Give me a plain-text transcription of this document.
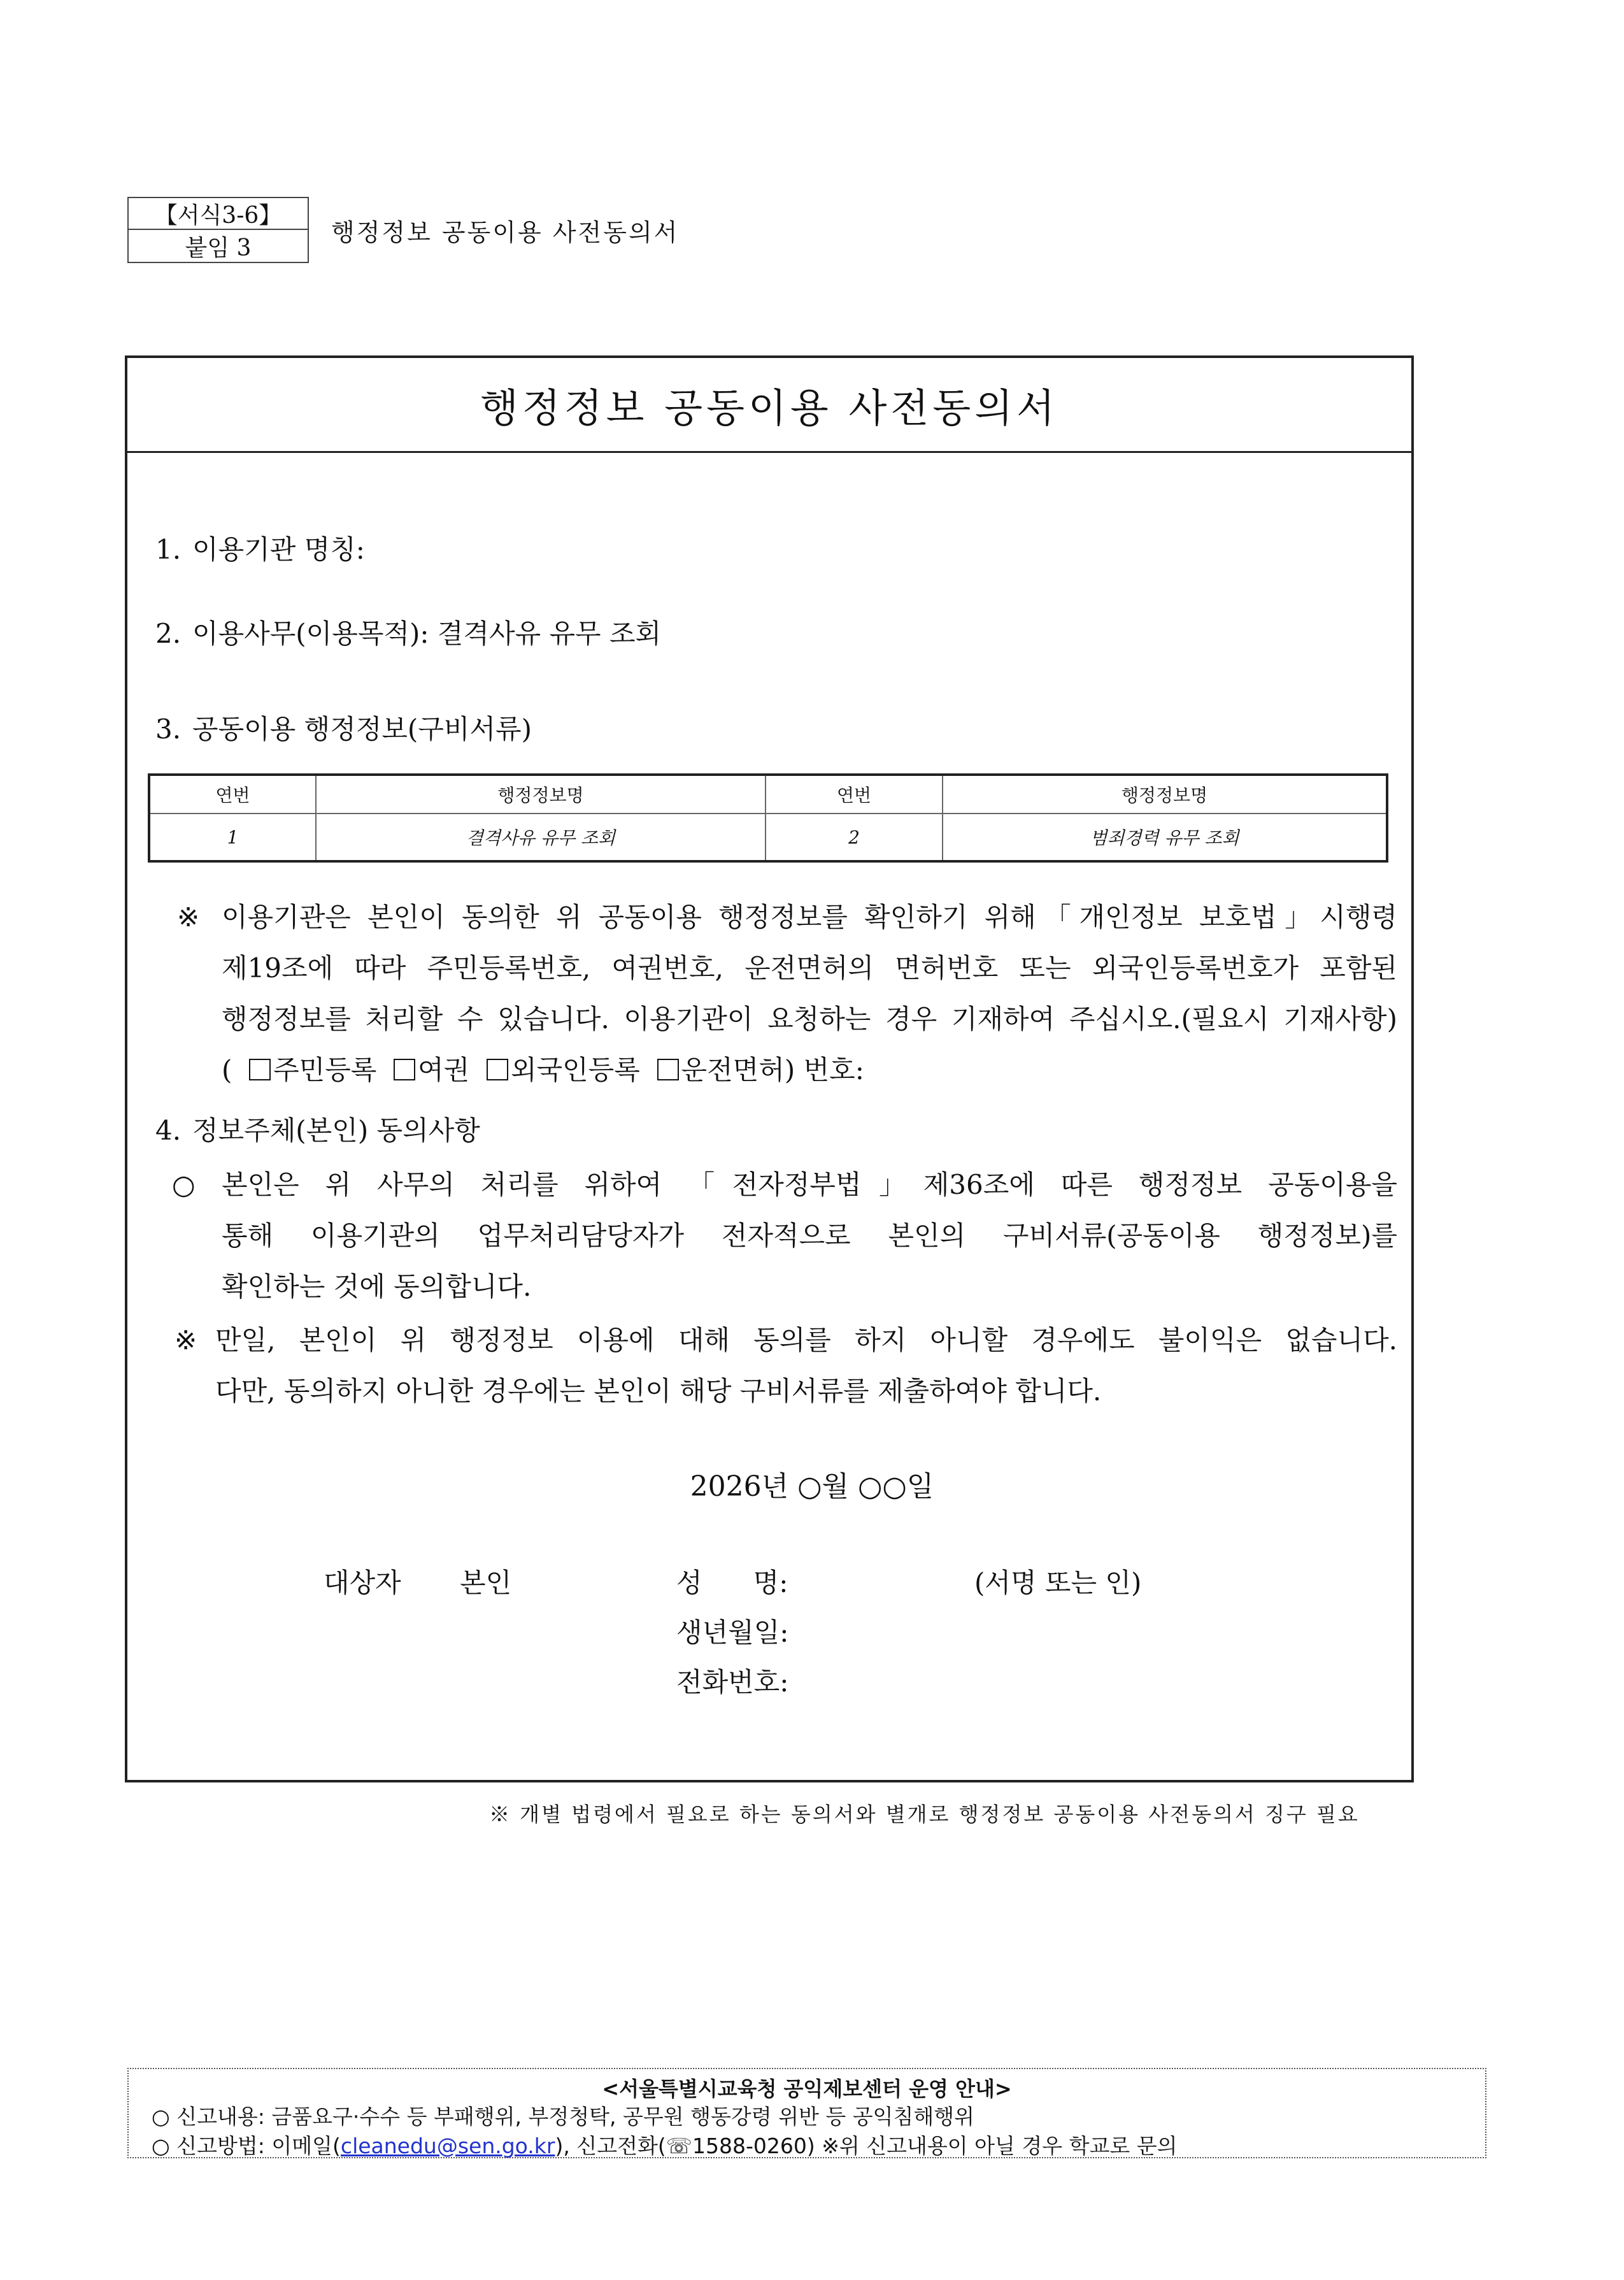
【서식3-6】
붙임 3
행정정보 공동이용 사전동의서
행정정보 공동이용 사전동의서
1. 이용기관 명칭:
2. 이용사무(이용목적): 결격사유 유무 조회
3. 공동이용 행정정보(구비서류)
연번	행정정보명	연번	행정정보명
1	결격사유 유무 조회	2	범죄경력 유무 조회
※ 이용기관은 본인이 동의한 위 공동이용 행정정보를 확인하기 위해「개인정보 보호법」시행령
제19조에 따라 주민등록번호, 여권번호, 운전면허의 면허번호 또는 외국인등록번호가 포함된
행정정보를 처리할 수 있습니다. 이용기관이 요청하는 경우 기재하여 주십시오.(필요시 기재사항)
( 주민등록 여권 외국인등록 운전면허) 번호:
4. 정보주체(본인) 동의사항
○ 본인은 위 사무의 처리를 위하여 「전자정부법」제36조에 따른 행정정보 공동이용을
통해 이용기관의 업무처리담당자가 전자적으로 본인의 구비서류(공동이용 행정정보)를
확인하는 것에 동의합니다.
※ 만일, 본인이 위 행정정보 이용에 대해 동의를 하지 아니할 경우에도 불이익은 없습니다.
다만, 동의하지 아니한 경우에는 본인이 해당 구비서류를 제출하여야 합니다.
2026년 ○월 ○○일
대상자 본인	성      명:	(서명 또는 인)
생년월일:
전화번호:
※ 개별 법령에서 필요로 하는 동의서와 별개로 행정정보 공동이용 사전동의서 징구 필요
<서울특별시교육청 공익제보센터 운영 안내>
○ 신고내용: 금품요구·수수 등 부패행위, 부정청탁, 공무원 행동강령 위반 등 공익침해행위
○ 신고방법: 이메일(cleanedu@sen.go.kr), 신고전화(☏1588-0260) ※위 신고내용이 아닐 경우 학교로 문의
